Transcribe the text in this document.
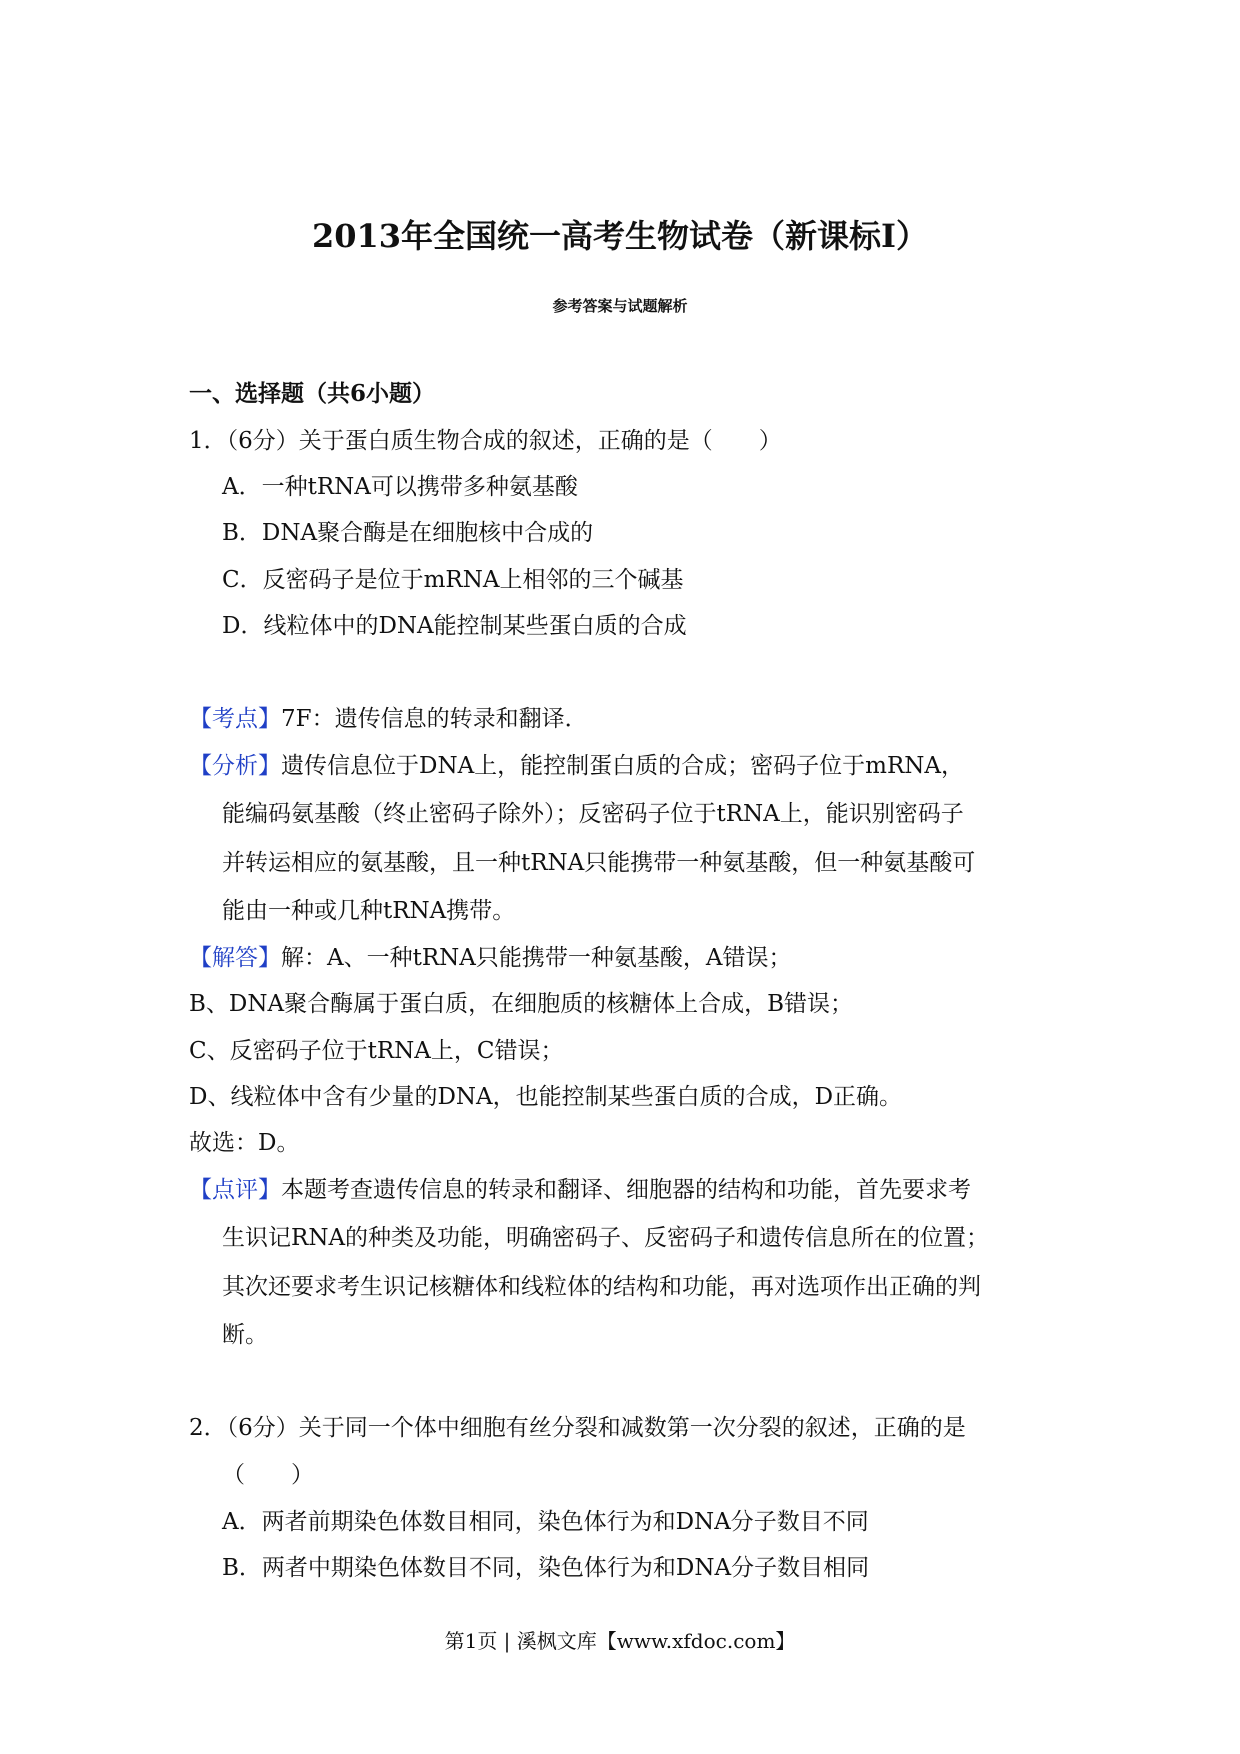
2013年全国统一高考生物试卷（新课标Ⅰ）
参考答案与试题解析
一、选择题（共6小题）
1．（6分）关于蛋白质生物合成的叙述，正确的是（　　）
A．一种tRNA可以携带多种氨基酸
B．DNA聚合酶是在细胞核中合成的
C．反密码子是位于mRNA上相邻的三个碱基
D．线粒体中的DNA能控制某些蛋白质的合成
【考点】7F：遗传信息的转录和翻译．
【分析】遗传信息位于DNA上，能控制蛋白质的合成；密码子位于mRNA，
能编码氨基酸（终止密码子除外）；反密码子位于tRNA上，能识别密码子
并转运相应的氨基酸，且一种tRNA只能携带一种氨基酸，但一种氨基酸可
能由一种或几种tRNA携带。
【解答】解：A、一种tRNA只能携带一种氨基酸，A错误；
B、DNA聚合酶属于蛋白质，在细胞质的核糖体上合成，B错误；
C、反密码子位于tRNA上，C错误；
D、线粒体中含有少量的DNA，也能控制某些蛋白质的合成，D正确。
故选：D。
【点评】本题考查遗传信息的转录和翻译、细胞器的结构和功能，首先要求考
生识记RNA的种类及功能，明确密码子、反密码子和遗传信息所在的位置；
其次还要求考生识记核糖体和线粒体的结构和功能，再对选项作出正确的判
断。
2．（6分）关于同一个体中细胞有丝分裂和减数第一次分裂的叙述，正确的是
（　　）
A．两者前期染色体数目相同，染色体行为和DNA分子数目不同
B．两者中期染色体数目不同，染色体行为和DNA分子数目相同
第1页 | 溪枫文库【www.xfdoc.com】
